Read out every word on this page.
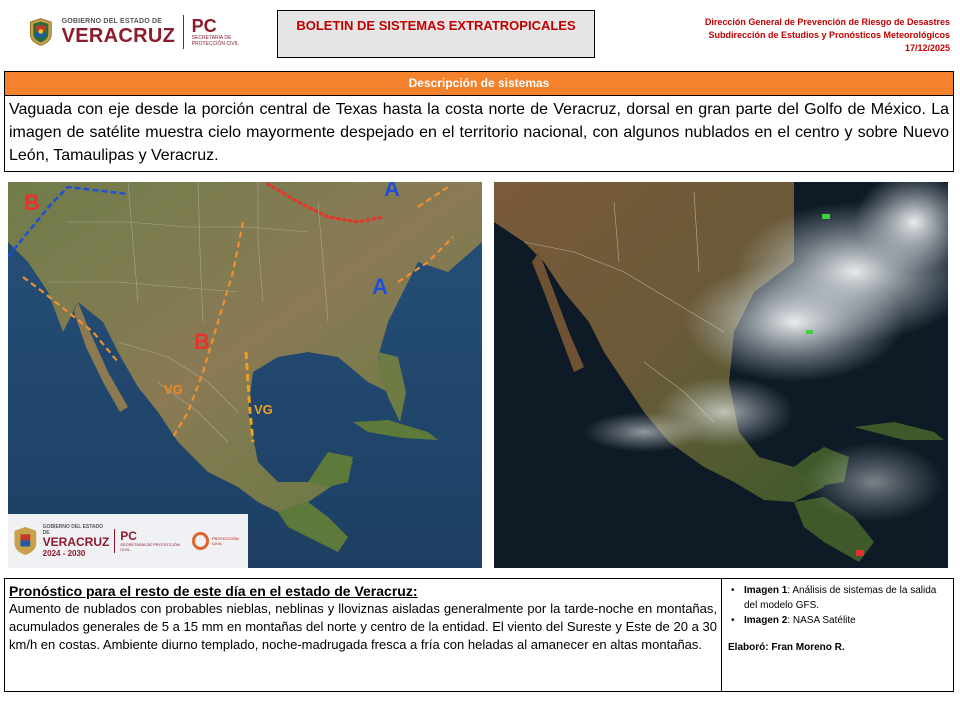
GOBIERNO DEL ESTADO DE
VERACRUZ PC
SECRETARÍA DE PROTECCIÓN CIVIL
BOLETIN DE SISTEMAS EXTRATROPICALES	Dirección General de Prevención de Riesgo de Desastres
Subdirección de Estudios y Pronósticos Meteorológicos
17/12/2025
Descripción de sistemas
Vaguada con eje desde la porción central de Texas hasta la costa norte de Veracruz, dorsal en gran parte del Golfo de México. La imagen de satélite muestra cielo mayormente despejado en el territorio nacional, con algunos nublados en el centro y sobre Nuevo León, Tamaulipas y Veracruz.
VG
VG
B
B
A
A
GOBIERNO DEL ESTADO DE
VERACRUZ
2024 - 2030
PC
SECRETARÍA DE PROTECCIÓN CIVIL
PROTECCIÓN CIVIL
Pronóstico para el resto de este día en el estado de Veracruz:
Aumento de nublados con probables nieblas, neblinas y lloviznas aisladas generalmente por la tarde-noche en montañas, acumulados generales de 5 a 15 mm en montañas del norte y centro de la entidad. El viento del Sureste y Este de 20 a 30 km/h en costas. Ambiente diurno templado, noche-madrugada fresca a fría con heladas al amanecer en altas montañas.
• Imagen 1: Análisis de sistemas de la salida del modelo GFS.
• Imagen 2: NASA Satélite
Elaboró: Fran Moreno R.
